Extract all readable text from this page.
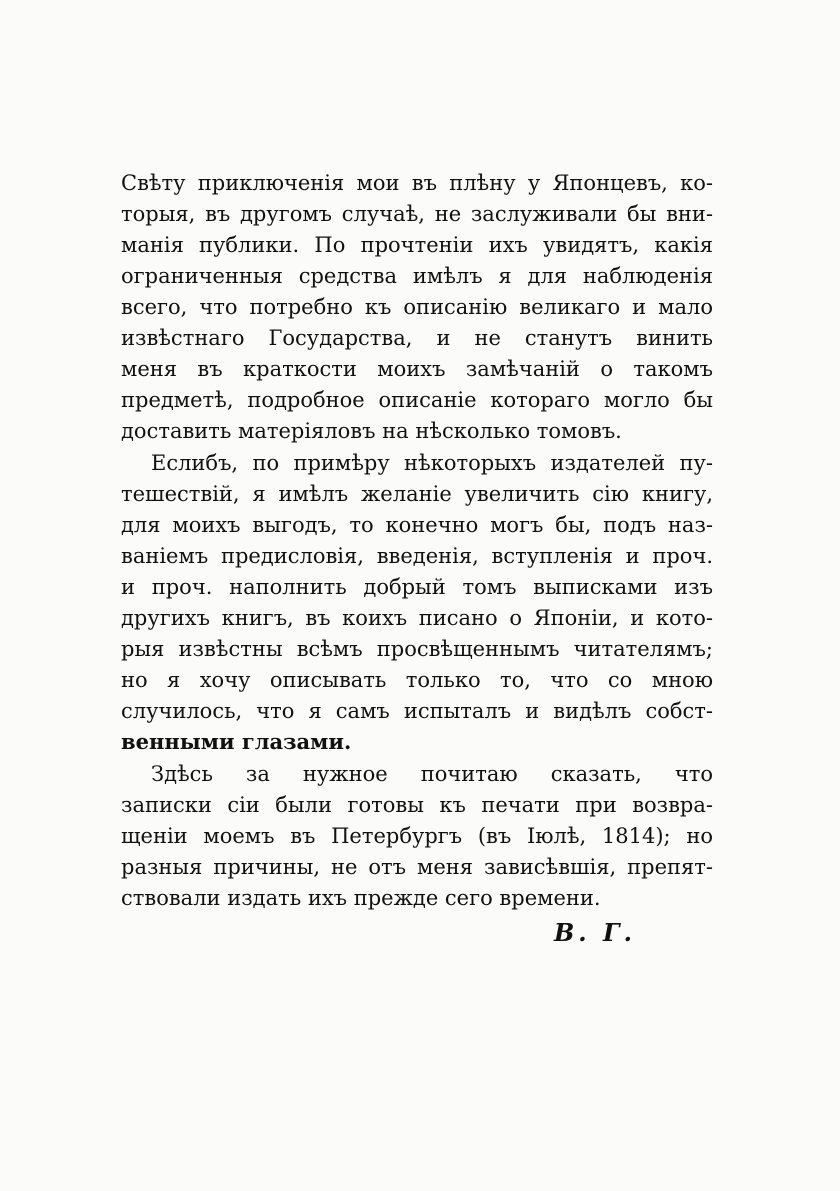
Свѣту приключенія мои въ плѣну у Японцевъ, ко-
торыя, въ другомъ случаѣ, не заслуживали бы вни-
манія публики. По прочтеніи ихъ увидятъ, какія
ограниченныя средства имѣлъ я для наблюденія
всего, что потребно къ описанію великаго и мало
извѣстнаго Государства, и не станутъ винить
меня въ краткости моихъ замѣчаній о такомъ
предметѣ, подробное описаніе котораго могло бы
доставить матеріяловъ на нѣсколько томовъ.
Еслибъ, по примѣру нѣкоторыхъ издателей пу-
тешествій, я имѣлъ желаніе увеличить сію книгу,
для моихъ выгодъ, то конечно могъ бы, подъ наз-
ваніемъ предисловія, введенія, вступленія и проч.
и проч. наполнить добрый томъ выписками изъ
другихъ книгъ, въ коихъ писано о Японіи, и кото-
рыя извѣстны всѣмъ просвѣщеннымъ читателямъ;
но я хочу описывать только то, что со мною
случилось, что я самъ испыталъ и видѣлъ собст-
венными глазами.
Здѣсь за нужное почитаю сказать, что
записки сіи были готовы къ печати при возвра-
щеніи моемъ въ Петербургъ (въ Іюлѣ, 1814); но
разныя причины, не отъ меня зависѣвшія, препят-
ствовали издать ихъ прежде сего времени.
В. Г.
